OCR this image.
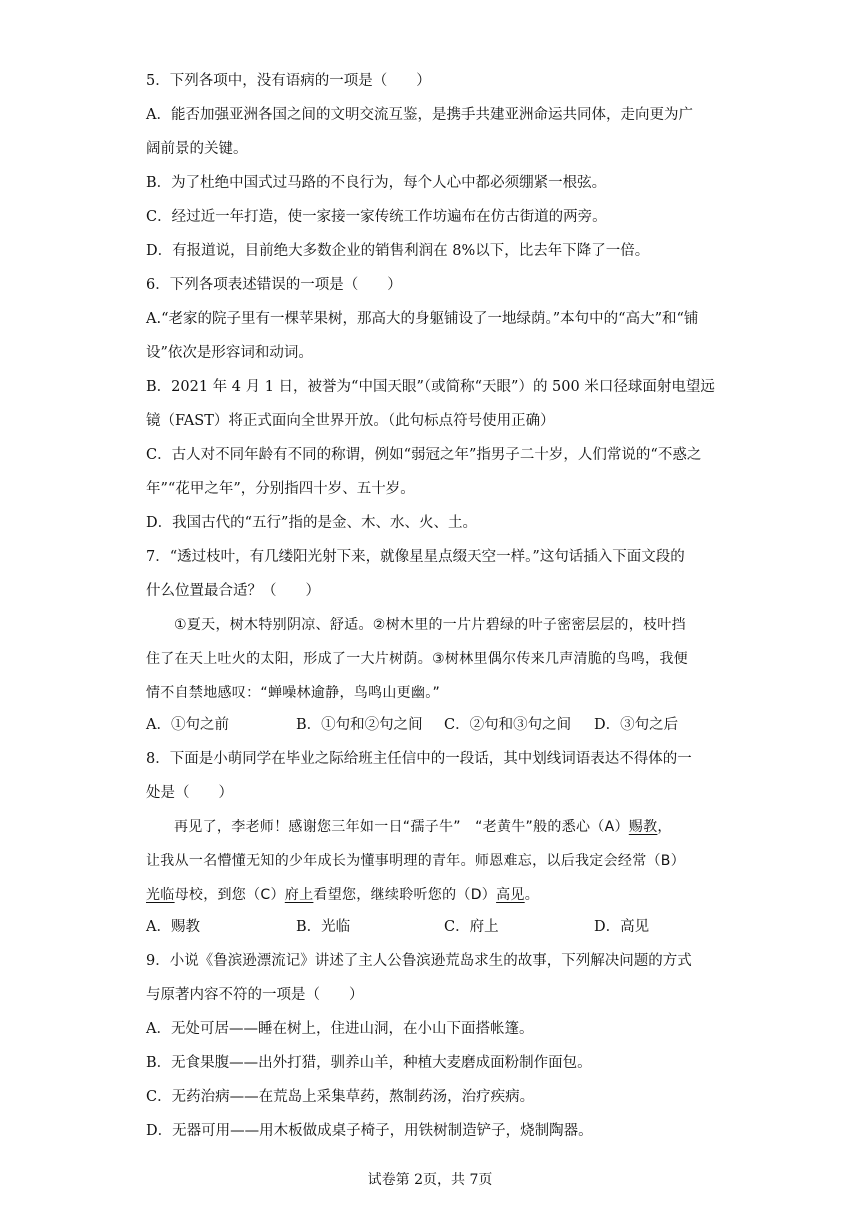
5．下列各项中，没有语病的一项是（　　）
A．能否加强亚洲各国之间的文明交流互鉴，是携手共建亚洲命运共同体，走向更为广
阔前景的关键。
B．为了杜绝中国式过马路的不良行为，每个人心中都必须绷紧一根弦。
C．经过近一年打造，使一家接一家传统工作坊遍布在仿古街道的两旁。
D．有报道说，目前绝大多数企业的销售利润在 8%以下，比去年下降了一倍。
6．下列各项表述错误的一项是（　　）
A.“老家的院子里有一棵苹果树，那高大的身躯铺设了一地绿荫。”本句中的“高大”和“铺
设”依次是形容词和动词。
B．2021 年 4 月 1 日，被誉为“中国天眼”（或简称“天眼”）的 500 米口径球面射电望远
镜（FAST）将正式面向全世界开放。（此句标点符号使用正确）
C．古人对不同年龄有不同的称谓，例如“弱冠之年”指男子二十岁，人们常说的“不惑之
年”“花甲之年”，分别指四十岁、五十岁。
D．我国古代的“五行”指的是金、木、水、火、土。
7．“透过枝叶，有几缕阳光射下来，就像星星点缀天空一样。”这句话插入下面文段的
什么位置最合适？（　　）
①夏天，树木特别阴凉、舒适。②树木里的一片片碧绿的叶子密密层层的，枝叶挡
住了在天上吐火的太阳，形成了一大片树荫。③树林里偶尔传来几声清脆的鸟鸣，我便
情不自禁地感叹：“蝉噪林逾静，鸟鸣山更幽。”
A．①句之前	B．①句和②句之间 C．②句和③句之间 D．③句之后
8．下面是小萌同学在毕业之际给班主任信中的一段话，其中划线词语表达不得体的一
处是（　　）
再见了，李老师！感谢您三年如一日“孺子牛”　“老黄牛”般的悉心（A）赐教，
让我从一名懵懂无知的少年成长为懂事明理的青年。师恩难忘，以后我定会经常（B）
光临母校，到您（C）府上看望您，继续聆听您的（D）高见。
A．赐教	B．光临	C．府上	D．高见
9．小说《鲁滨逊漂流记》讲述了主人公鲁滨逊荒岛求生的故事，下列解决问题的方式
与原著内容不符的一项是（　　）
A．无处可居——睡在树上，住进山洞，在小山下面搭帐篷。
B．无食果腹——出外打猎，驯养山羊，种植大麦磨成面粉制作面包。
C．无药治病——在荒岛上采集草药，熬制药汤，治疗疾病。
D．无器可用——用木板做成桌子椅子，用铁树制造铲子，烧制陶器。
试卷第 2页，共 7页
